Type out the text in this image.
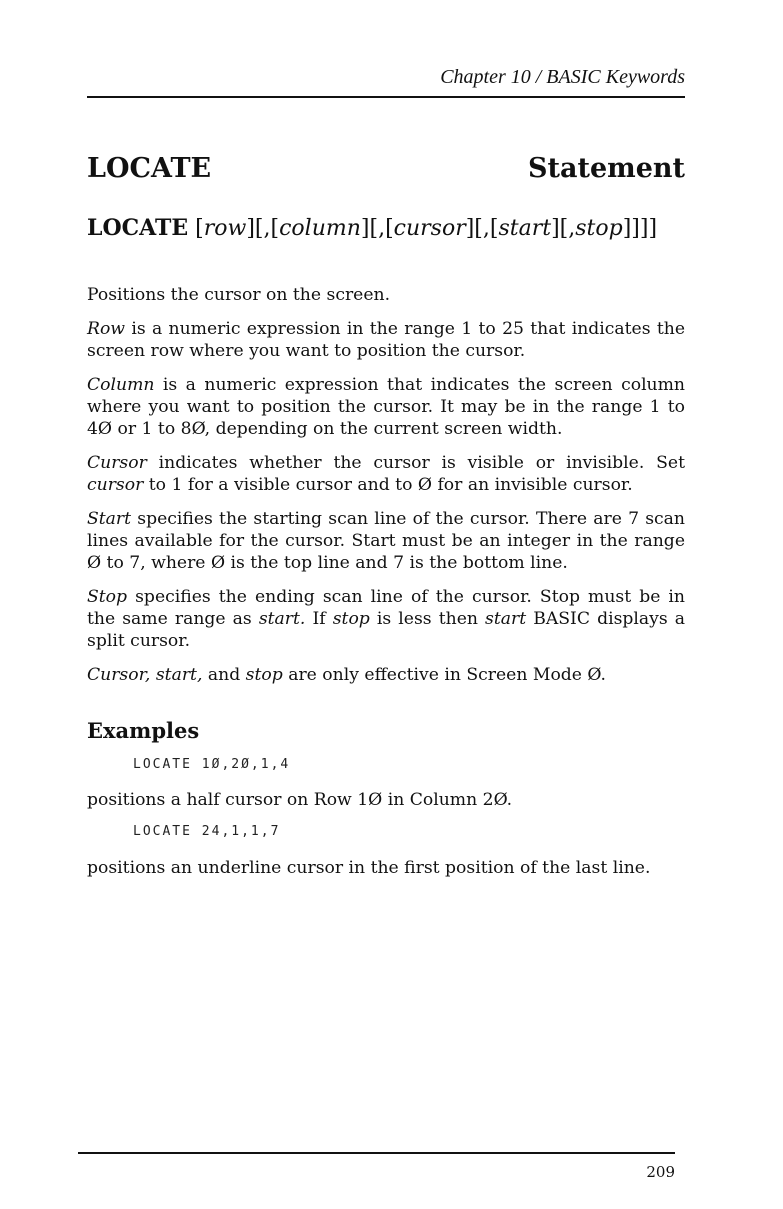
Chapter 10 / BASIC Keywords
LOCATE	Statement
LOCATE [row][,[column][,[cursor][,[start][,stop]]]]

Positions the cursor on the screen.

Row is a numeric expression in the range 1 to 25 that indicates the screen row where you want to position the cursor.

Column is a numeric expression that indicates the screen column where you want to position the cursor. It may be in the range 1 to 4Ø or 1 to 8Ø, depending on the current screen width.

Cursor indicates whether the cursor is visible or invisible. Set cursor to 1 for a visible cursor and to Ø for an invisible cursor.

Start specifies the starting scan line of the cursor. There are 7 scan lines available for the cursor. Start must be an integer in the range Ø to 7, where Ø is the top line and 7 is the bottom line.

Stop specifies the ending scan line of the cursor. Stop must be in the same range as start. If stop is less then start BASIC displays a split cursor.

Cursor, start, and stop are only effective in Screen Mode Ø.

Examples
LOCATE 1Ø,2Ø,1,4
positions a half cursor on Row 1Ø in Column 2Ø.
LOCATE 24,1,1,7
positions an underline cursor in the first position of the last line.
209
